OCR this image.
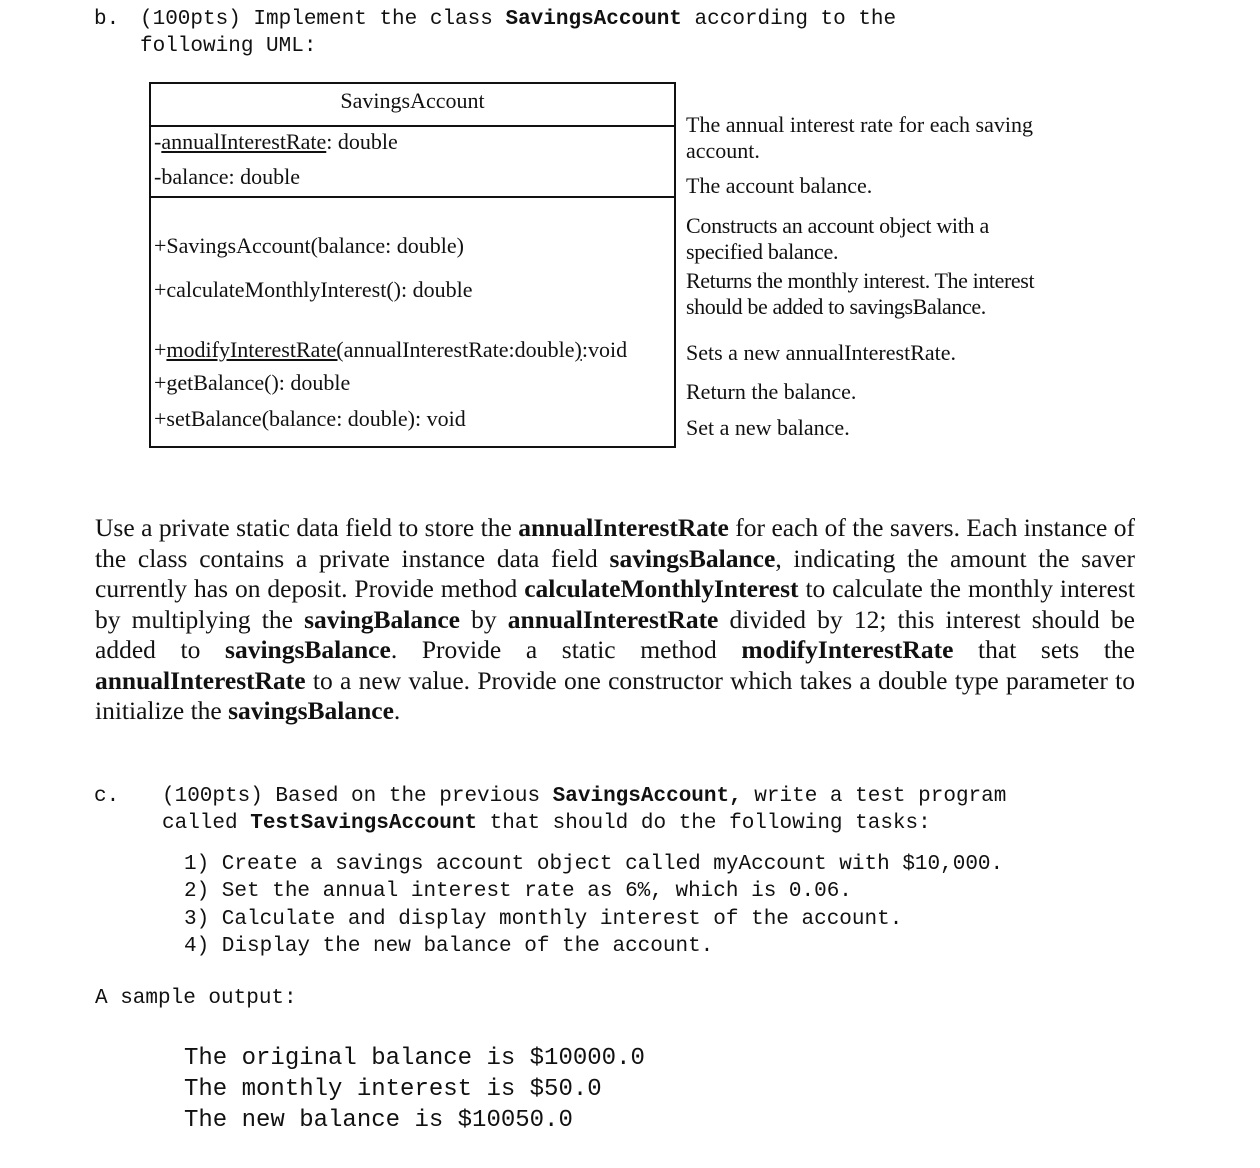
b. (100pts) Implement the class SavingsAccount according to the
following UML:
SavingsAccount
-annualInterestRate: double
-balance: double
+SavingsAccount(balance: double)
+calculateMonthlyInterest(): double
+modifyInterestRate(annualInterestRate:double):void
+getBalance(): double
+setBalance(balance: double): void
The annual interest rate for each saving
account.
The account balance.
Constructs an account object with a
specified balance.
Returns the monthly interest. The interest
should be added to savingsBalance.
Sets a new annualInterestRate.
Return the balance.
Set a new balance.
Use a private static data field to store the annualInterestRate for each of the savers. Each instance of the class contains a private instance data field savingsBalance, indicating the amount the saver currently has on deposit. Provide method calculateMonthlyInterest to calculate the monthly interest by multiplying the savingBalance by annualInterestRate divided by 12; this interest should be added to savingsBalance. Provide a static method modifyInterestRate that sets the annualInterestRate to a new value. Provide one constructor which takes a double type parameter to initialize the savingsBalance.
c. (100pts) Based on the previous SavingsAccount, write a test program
called TestSavingsAccount that should do the following tasks:
1) Create a savings account object called myAccount with $10,000.
2) Set the annual interest rate as 6%, which is 0.06.
3) Calculate and display monthly interest of the account.
4) Display the new balance of the account.
A sample output:
The original balance is $10000.0
The monthly interest is $50.0
The new balance is $10050.0
